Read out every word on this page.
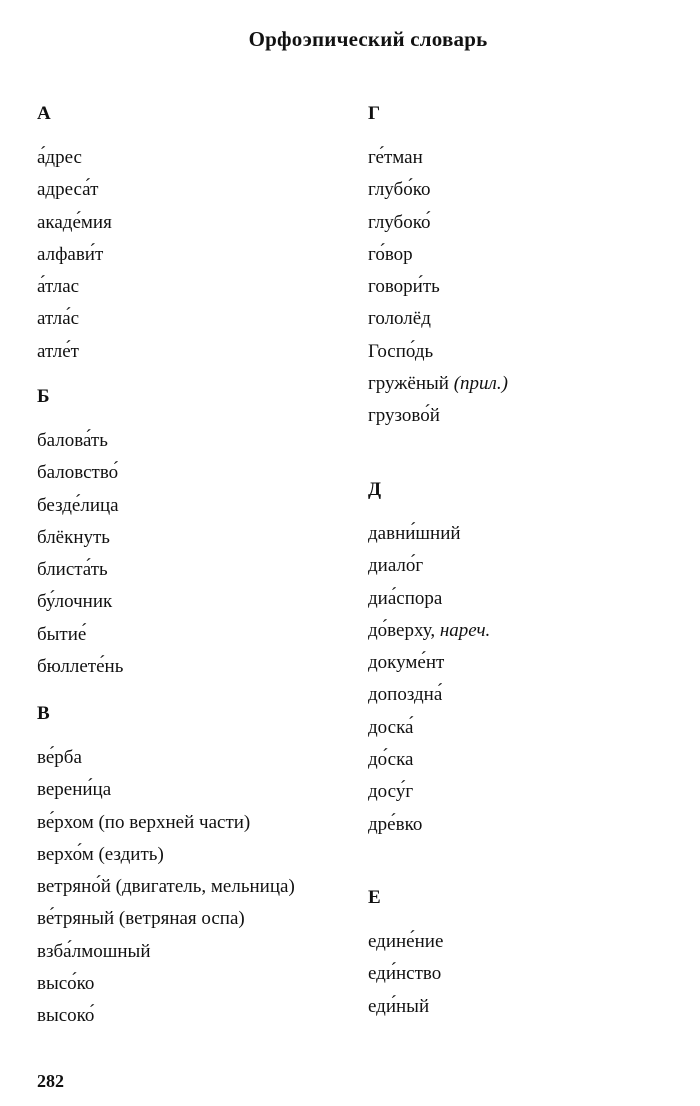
Орфоэпический словарь
А
а́дрес
адреса́т
акаде́мия
алфави́т
а́тлас
атла́с
атле́т
Б
балова́ть
баловство́
безде́лица
блёкнуть
блиста́ть
бу́лочник
бытие́
бюллете́нь
В
ве́рба
верени́ца
ве́рхом (по верхней части)
верхо́м (ездить)
ветряно́й (двигатель, мельница)
ве́тряный (ветряная оспа)
взба́лмошный
высо́ко
высоко́
Г
ге́тман
глубо́ко
глубоко́
го́вор
говори́ть
гололёд
Госпо́дь
гружёный (прил.)
грузово́й
Д
давни́шний
диало́г
диа́спора
до́верху, нареч.
докуме́нт
допоздна́
доска́
до́ска
досу́г
дре́вко
Е
едине́ние
еди́нство
еди́ный
282
